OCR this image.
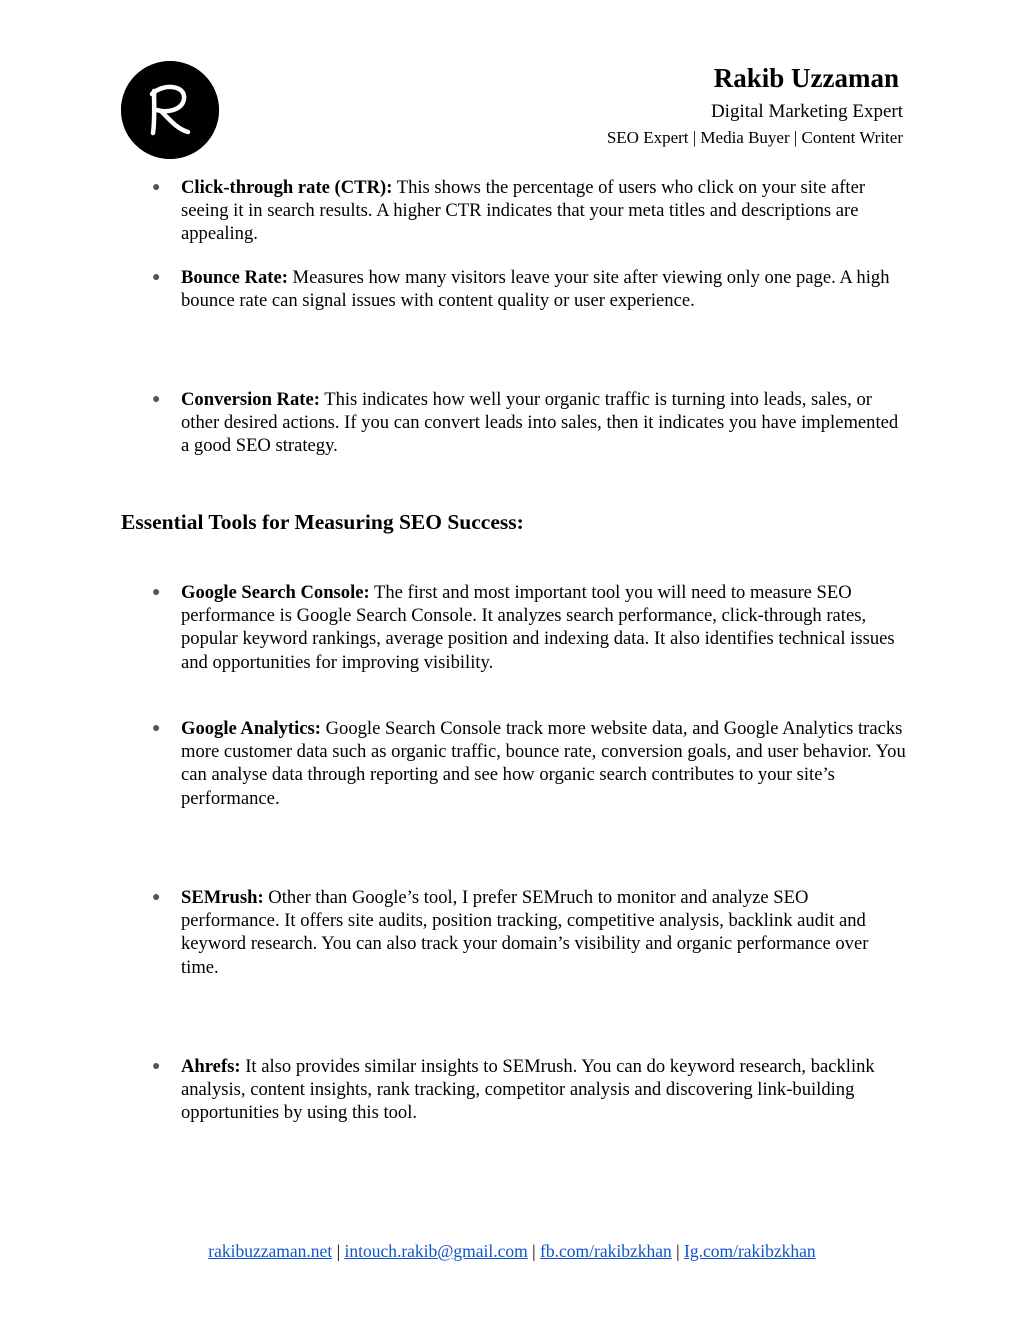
Rakib Uzzaman
Digital Marketing Expert
SEO Expert | Media Buyer | Content Writer
● Click-through rate (CTR): This shows the percentage of users who click on your site after seeing it in search results. A higher CTR indicates that your meta titles and descriptions are appealing.
● Bounce Rate: Measures how many visitors leave your site after viewing only one page. A high bounce rate can signal issues with content quality or user experience.
● Conversion Rate: This indicates how well your organic traffic is turning into leads, sales, or other desired actions. If you can convert leads into sales, then it indicates you have implemented a good SEO strategy.
Essential Tools for Measuring SEO Success:
● Google Search Console: The first and most important tool you will need to measure SEO performance is Google Search Console. It analyzes search performance, click-through rates, popular keyword rankings, average position and indexing data. It also identifies technical issues and opportunities for improving visibility.
● Google Analytics: Google Search Console track more website data, and Google Analytics tracks more customer data such as organic traffic, bounce rate, conversion goals, and user behavior. You can analyse data through reporting and see how organic search contributes to your site’s performance.
● SEMrush: Other than Google’s tool, I prefer SEMruch to monitor and analyze SEO performance. It offers site audits, position tracking, competitive analysis, backlink audit and keyword research. You can also track your domain’s visibility and organic performance over time.
● Ahrefs: It also provides similar insights to SEMrush. You can do keyword research, backlink analysis, content insights, rank tracking, competitor analysis and discovering link-building opportunities by using this tool.
rakibuzzaman.net | intouch.rakib@gmail.com | fb.com/rakibzkhan | Ig.com/rakibzkhan
